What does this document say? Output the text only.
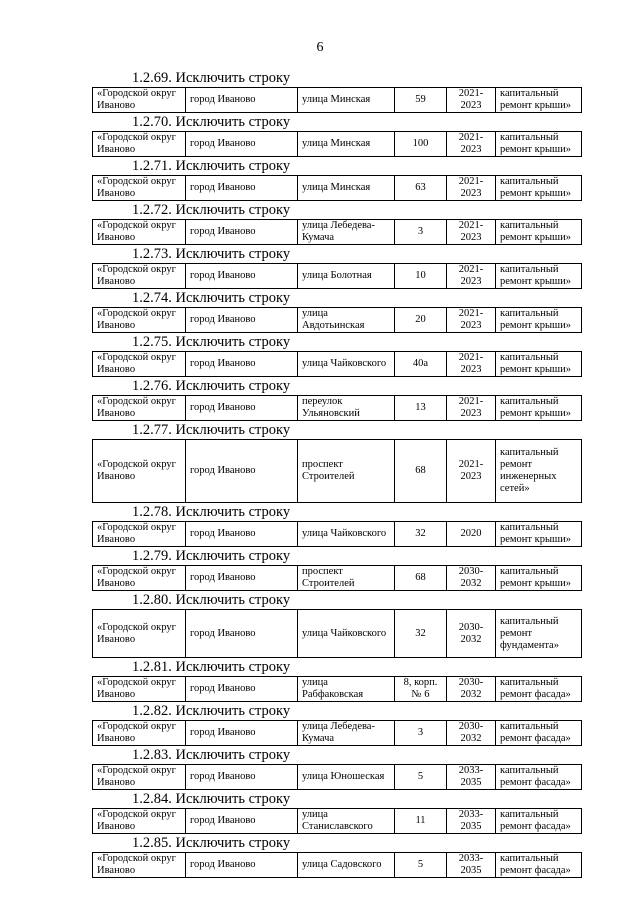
6
1.2.69. Исключить строку
«Городской округ Иваново	город Иваново	улица Минская	59	2021-2023	капитальный ремонт крыши»
1.2.70. Исключить строку
«Городской округ Иваново	город Иваново	улица Минская	100	2021-2023	капитальный ремонт крыши»
1.2.71. Исключить строку
«Городской округ Иваново	город Иваново	улица Минская	63	2021-2023	капитальный ремонт крыши»
1.2.72. Исключить строку
«Городской округ Иваново	город Иваново	улица Лебедева-Кумача	3	2021-2023	капитальный ремонт крыши»
1.2.73. Исключить строку
«Городской округ Иваново	город Иваново	улица Болотная	10	2021-2023	капитальный ремонт крыши»
1.2.74. Исключить строку
«Городской округ Иваново	город Иваново	улица Авдотьинская	20	2021-2023	капитальный ремонт крыши»
1.2.75. Исключить строку
«Городской округ Иваново	город Иваново	улица Чайковского	40а	2021-2023	капитальный ремонт крыши»
1.2.76. Исключить строку
«Городской округ Иваново	город Иваново	переулок Ульяновский	13	2021-2023	капитальный ремонт крыши»
1.2.77. Исключить строку
«Городской округ Иваново	город Иваново	проспект Строителей	68	2021-2023	капитальный ремонт инженерных сетей»
1.2.78. Исключить строку
«Городской округ Иваново	город Иваново	улица Чайковского	32	2020	капитальный ремонт крыши»
1.2.79. Исключить строку
«Городской округ Иваново	город Иваново	проспект Строителей	68	2030-2032	капитальный ремонт крыши»
1.2.80. Исключить строку
«Городской округ Иваново	город Иваново	улица Чайковского	32	2030-2032	капитальный ремонт фундамента»
1.2.81. Исключить строку
«Городской округ Иваново	город Иваново	улица Рабфаковская	8, корп. № 6	2030-2032	капитальный ремонт фасада»
1.2.82. Исключить строку
«Городской округ Иваново	город Иваново	улица Лебедева-Кумача	3	2030-2032	капитальный ремонт фасада»
1.2.83. Исключить строку
«Городской округ Иваново	город Иваново	улица Юношеская	5	2033-2035	капитальный ремонт фасада»
1.2.84. Исключить строку
«Городской округ Иваново	город Иваново	улица Станиславского	11	2033-2035	капитальный ремонт фасада»
1.2.85. Исключить строку
«Городской округ Иваново	город Иваново	улица Садовского	5	2033-2035	капитальный ремонт фасада»
